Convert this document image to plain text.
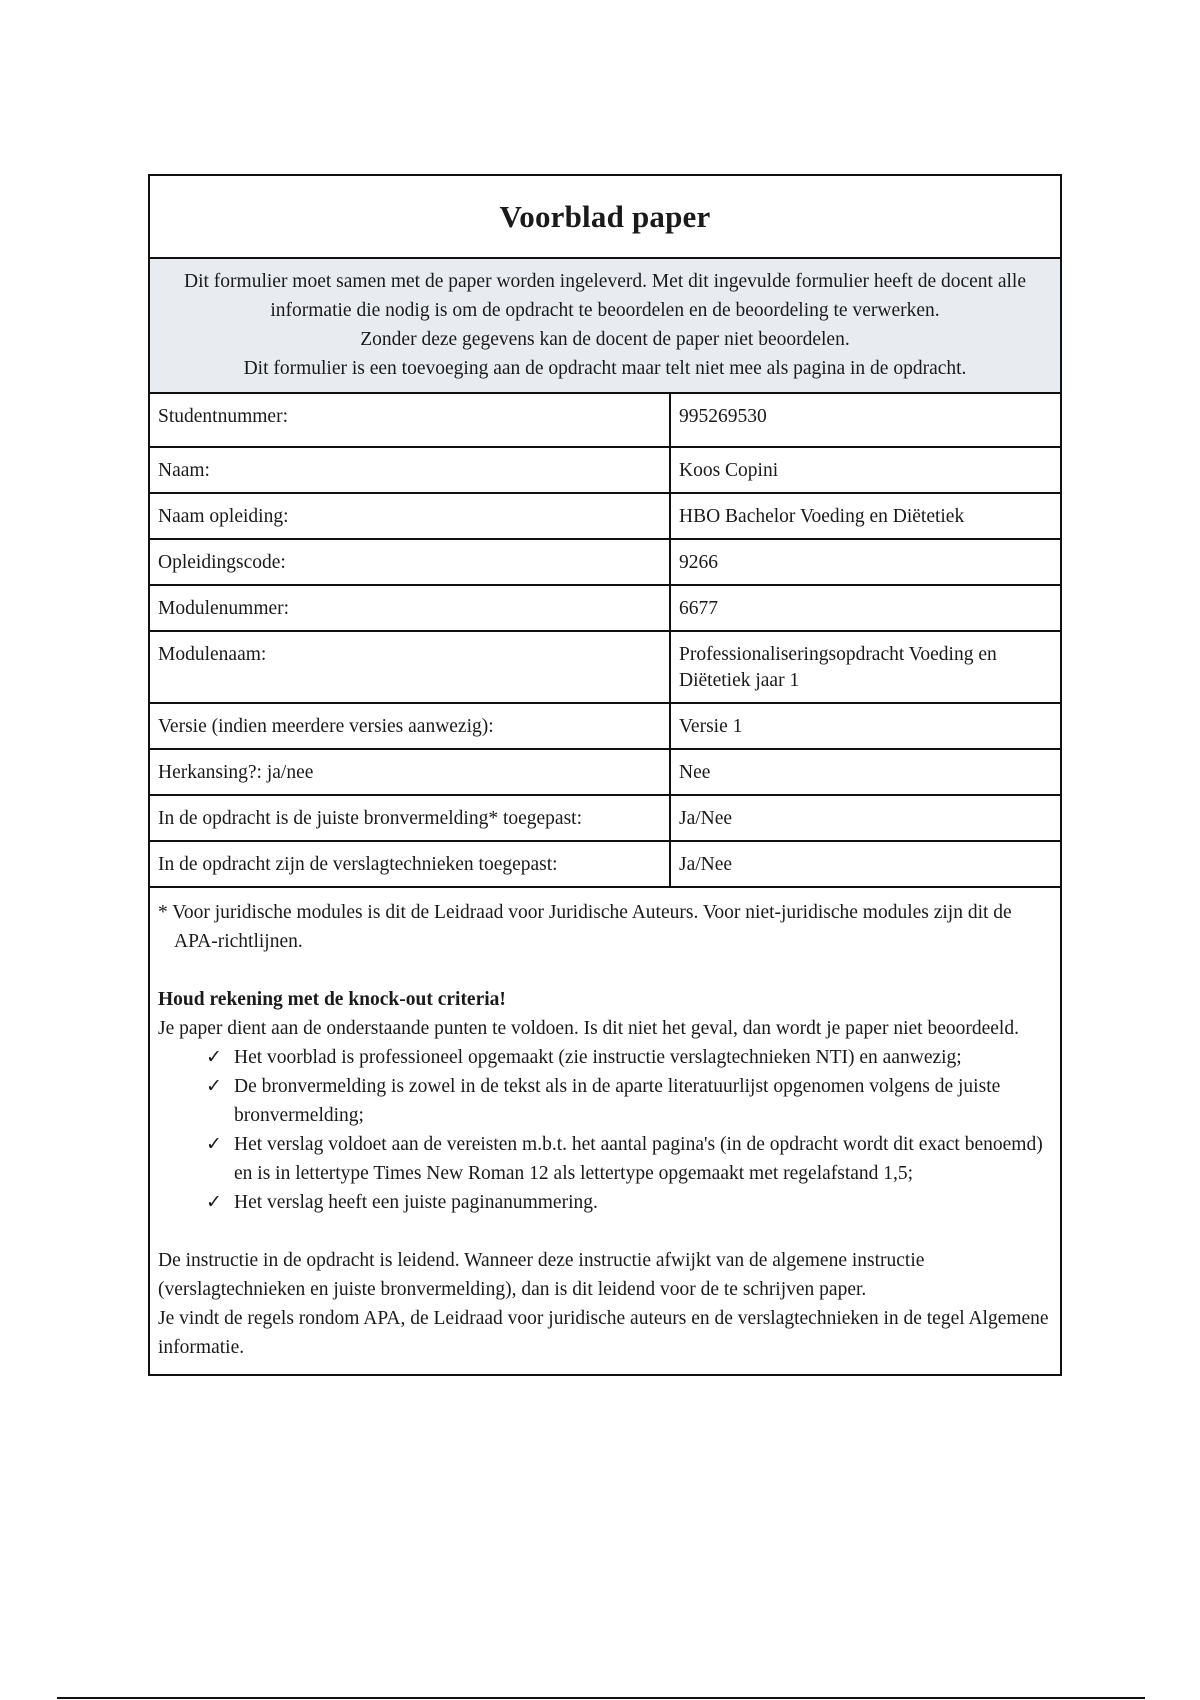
Voorblad paper

Dit formulier moet samen met de paper worden ingeleverd. Met dit ingevulde formulier heeft de docent alle informatie die nodig is om de opdracht te beoordelen en de beoordeling te verwerken.

Zonder deze gegevens kan de docent de paper niet beoordelen.

Dit formulier is een toevoeging aan de opdracht maar telt niet mee als pagina in de opdracht.

Studentnummer:	995269530
Naam:	Koos Copini
Naam opleiding:	HBO Bachelor Voeding en Diëtetiek
Opleidingscode:	9266
Modulenummer:	6677
Modulenaam:	Professionaliseringsopdracht Voeding en Diëtetiek jaar 1
Versie (indien meerdere versies aanwezig):	Versie 1
Herkansing?: ja/nee	Nee
In de opdracht is de juiste bronvermelding* toegepast:	Ja/Nee
In de opdracht zijn de verslagtechnieken toegepast:	Ja/Nee

* Voor juridische modules is dit de Leidraad voor Juridische Auteurs. Voor niet-juridische modules zijn dit de APA-richtlijnen.

Houd rekening met de knock-out criteria!

Je paper dient aan de onderstaande punten te voldoen. Is dit niet het geval, dan wordt je paper niet beoordeeld.

✓ Het voorblad is professioneel opgemaakt (zie instructie verslagtechnieken NTI) en aanwezig;
✓ De bronvermelding is zowel in de tekst als in de aparte literatuurlijst opgenomen volgens de juiste bronvermelding;
✓ Het verslag voldoet aan de vereisten m.b.t. het aantal pagina's (in de opdracht wordt dit exact benoemd) en is in lettertype Times New Roman 12 als lettertype opgemaakt met regelafstand 1,5;
✓ Het verslag heeft een juiste paginanummering.

De instructie in de opdracht is leidend. Wanneer deze instructie afwijkt van de algemene instructie (verslagtechnieken en juiste bronvermelding), dan is dit leidend voor de te schrijven paper.

Je vindt de regels rondom APA, de Leidraad voor juridische auteurs en de verslagtechnieken in de tegel Algemene informatie.
